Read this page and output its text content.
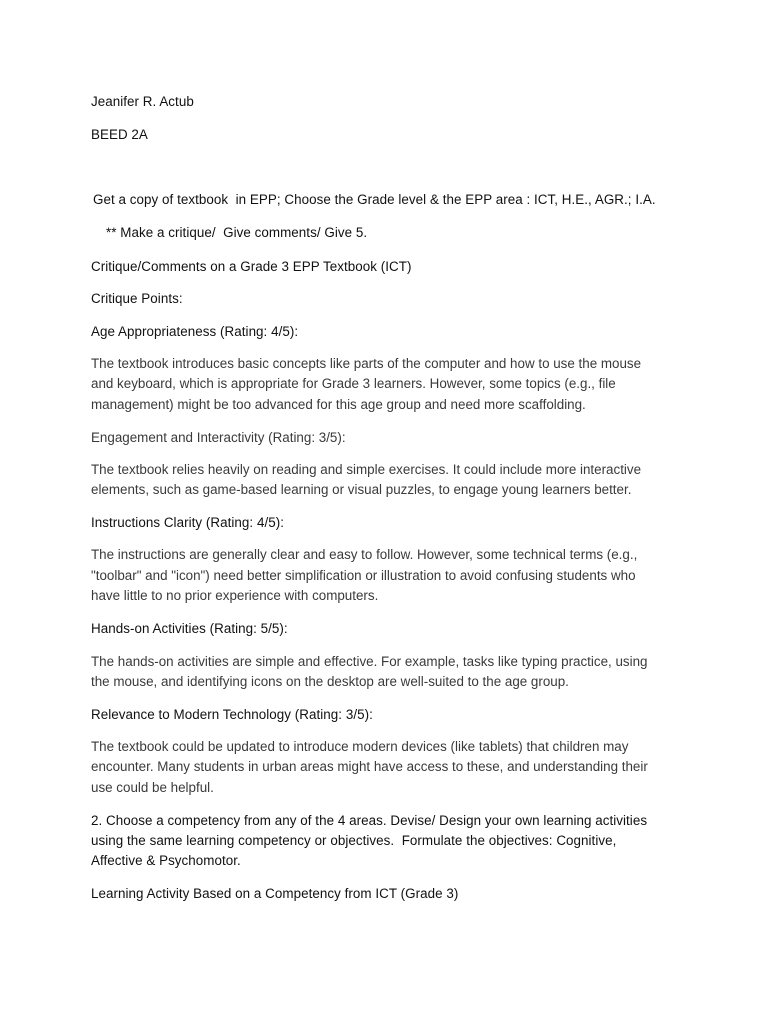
Jeanifer R. Actub
BEED 2A
Get a copy of textbook  in EPP; Choose the Grade level & the EPP area : ICT, H.E., AGR.; I.A.
** Make a critique/  Give comments/ Give 5.
Critique/Comments on a Grade 3 EPP Textbook (ICT)
Critique Points:
Age Appropriateness (Rating: 4/5):
The textbook introduces basic concepts like parts of the computer and how to use the mouse
and keyboard, which is appropriate for Grade 3 learners. However, some topics (e.g., file
management) might be too advanced for this age group and need more scaffolding.
Engagement and Interactivity (Rating: 3/5):
The textbook relies heavily on reading and simple exercises. It could include more interactive
elements, such as game-based learning or visual puzzles, to engage young learners better.
Instructions Clarity (Rating: 4/5):
The instructions are generally clear and easy to follow. However, some technical terms (e.g.,
"toolbar" and "icon") need better simplification or illustration to avoid confusing students who
have little to no prior experience with computers.
Hands-on Activities (Rating: 5/5):
The hands-on activities are simple and effective. For example, tasks like typing practice, using
the mouse, and identifying icons on the desktop are well-suited to the age group.
Relevance to Modern Technology (Rating: 3/5):
The textbook could be updated to introduce modern devices (like tablets) that children may
encounter. Many students in urban areas might have access to these, and understanding their
use could be helpful.
2. Choose a competency from any of the 4 areas. Devise/ Design your own learning activities
using the same learning competency or objectives.  Formulate the objectives: Cognitive,
Affective & Psychomotor.
Learning Activity Based on a Competency from ICT (Grade 3)
